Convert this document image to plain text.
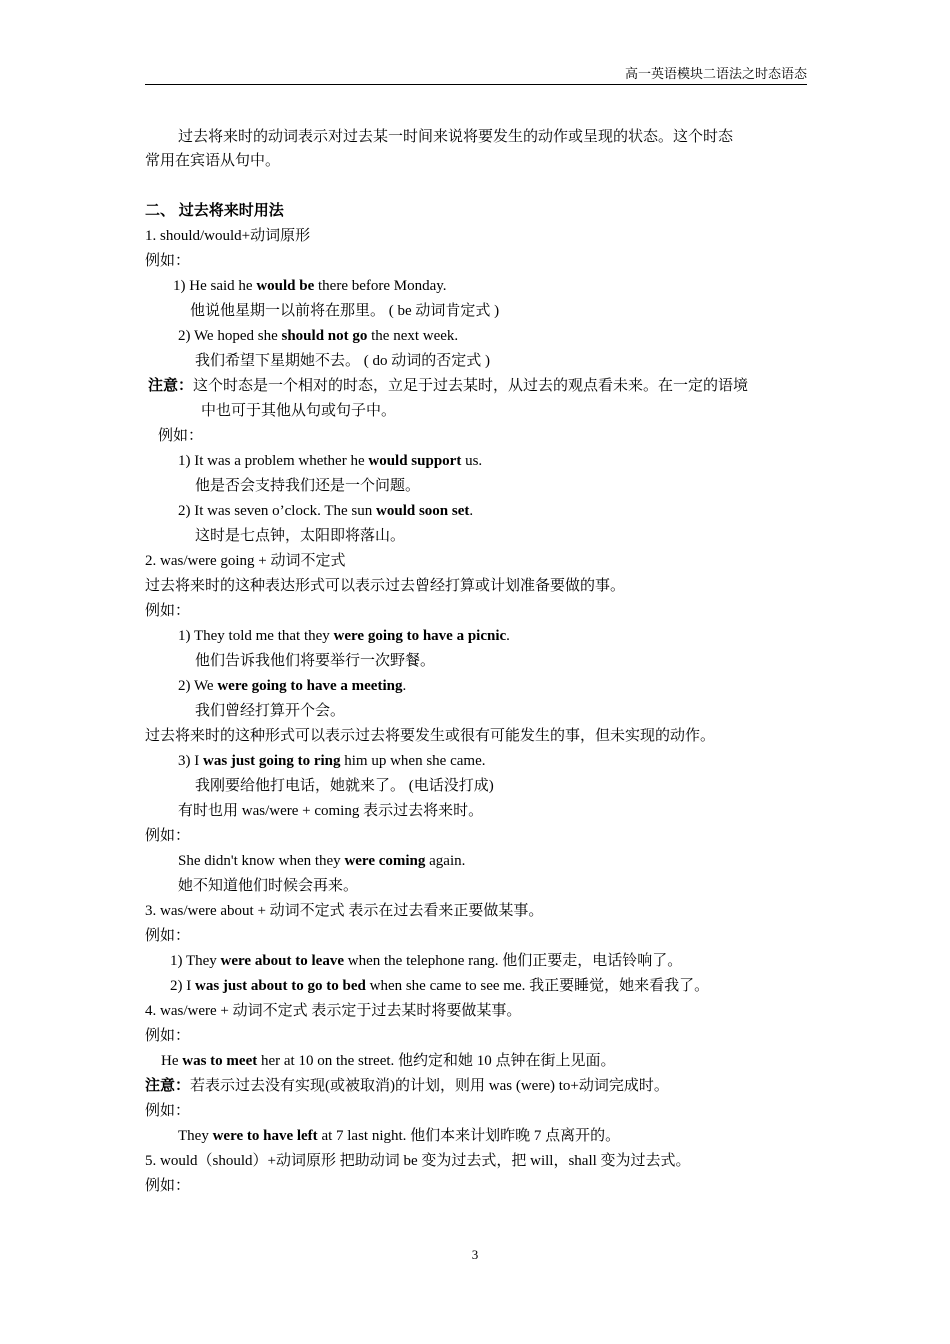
高一英语模块二语法之时态语态
过去将来时的动词表示对过去某一时间来说将要发生的动作或呈现的状态。这个时态
常用在宾语从句中。
二、 过去将来时用法
1. should/would+动词原形
例如：
1) He said he would be there before Monday.
他说他星期一以前将在那里。 ( be 动词肯定式 )
2) We hoped she should not go the next week.
我们希望下星期她不去。 ( do 动词的否定式 )
注意：这个时态是一个相对的时态，立足于过去某时，从过去的观点看未来。在一定的语境
中也可于其他从句或句子中。
例如：
1) It was a problem whether he would support us.
他是否会支持我们还是一个问题。
2) It was seven o’clock. The sun would soon set.
这时是七点钟，太阳即将落山。
2. was/were going + 动词不定式
过去将来时的这种表达形式可以表示过去曾经打算或计划准备要做的事。
例如：
1) They told me that they were going to have a picnic.
他们告诉我他们将要举行一次野餐。
2) We were going to have a meeting.
我们曾经打算开个会。
过去将来时的这种形式可以表示过去将要发生或很有可能发生的事，但未实现的动作。
3) I was just going to ring him up when she came.
我刚要给他打电话，她就来了。 (电话没打成)
有时也用 was/were + coming 表示过去将来时。
例如：
She didn't know when they were coming again.
她不知道他们时候会再来。
3. was/were about + 动词不定式 表示在过去看来正要做某事。
例如：
1) They were about to leave when the telephone rang. 他们正要走，电话铃响了。
2) I was just about to go to bed when she came to see me. 我正要睡觉，她来看我了。
4. was/were + 动词不定式 表示定于过去某时将要做某事。
例如：
He was to meet her at 10 on the street. 他约定和她 10 点钟在街上见面。
注意：若表示过去没有实现(或被取消)的计划，则用 was (were) to+动词完成时。
例如：
They were to have left at 7 last night. 他们本来计划昨晚 7 点离开的。
5. would（should）+动词原形 把助动词 be 变为过去式，把 will，shall 变为过去式。
例如：
3
